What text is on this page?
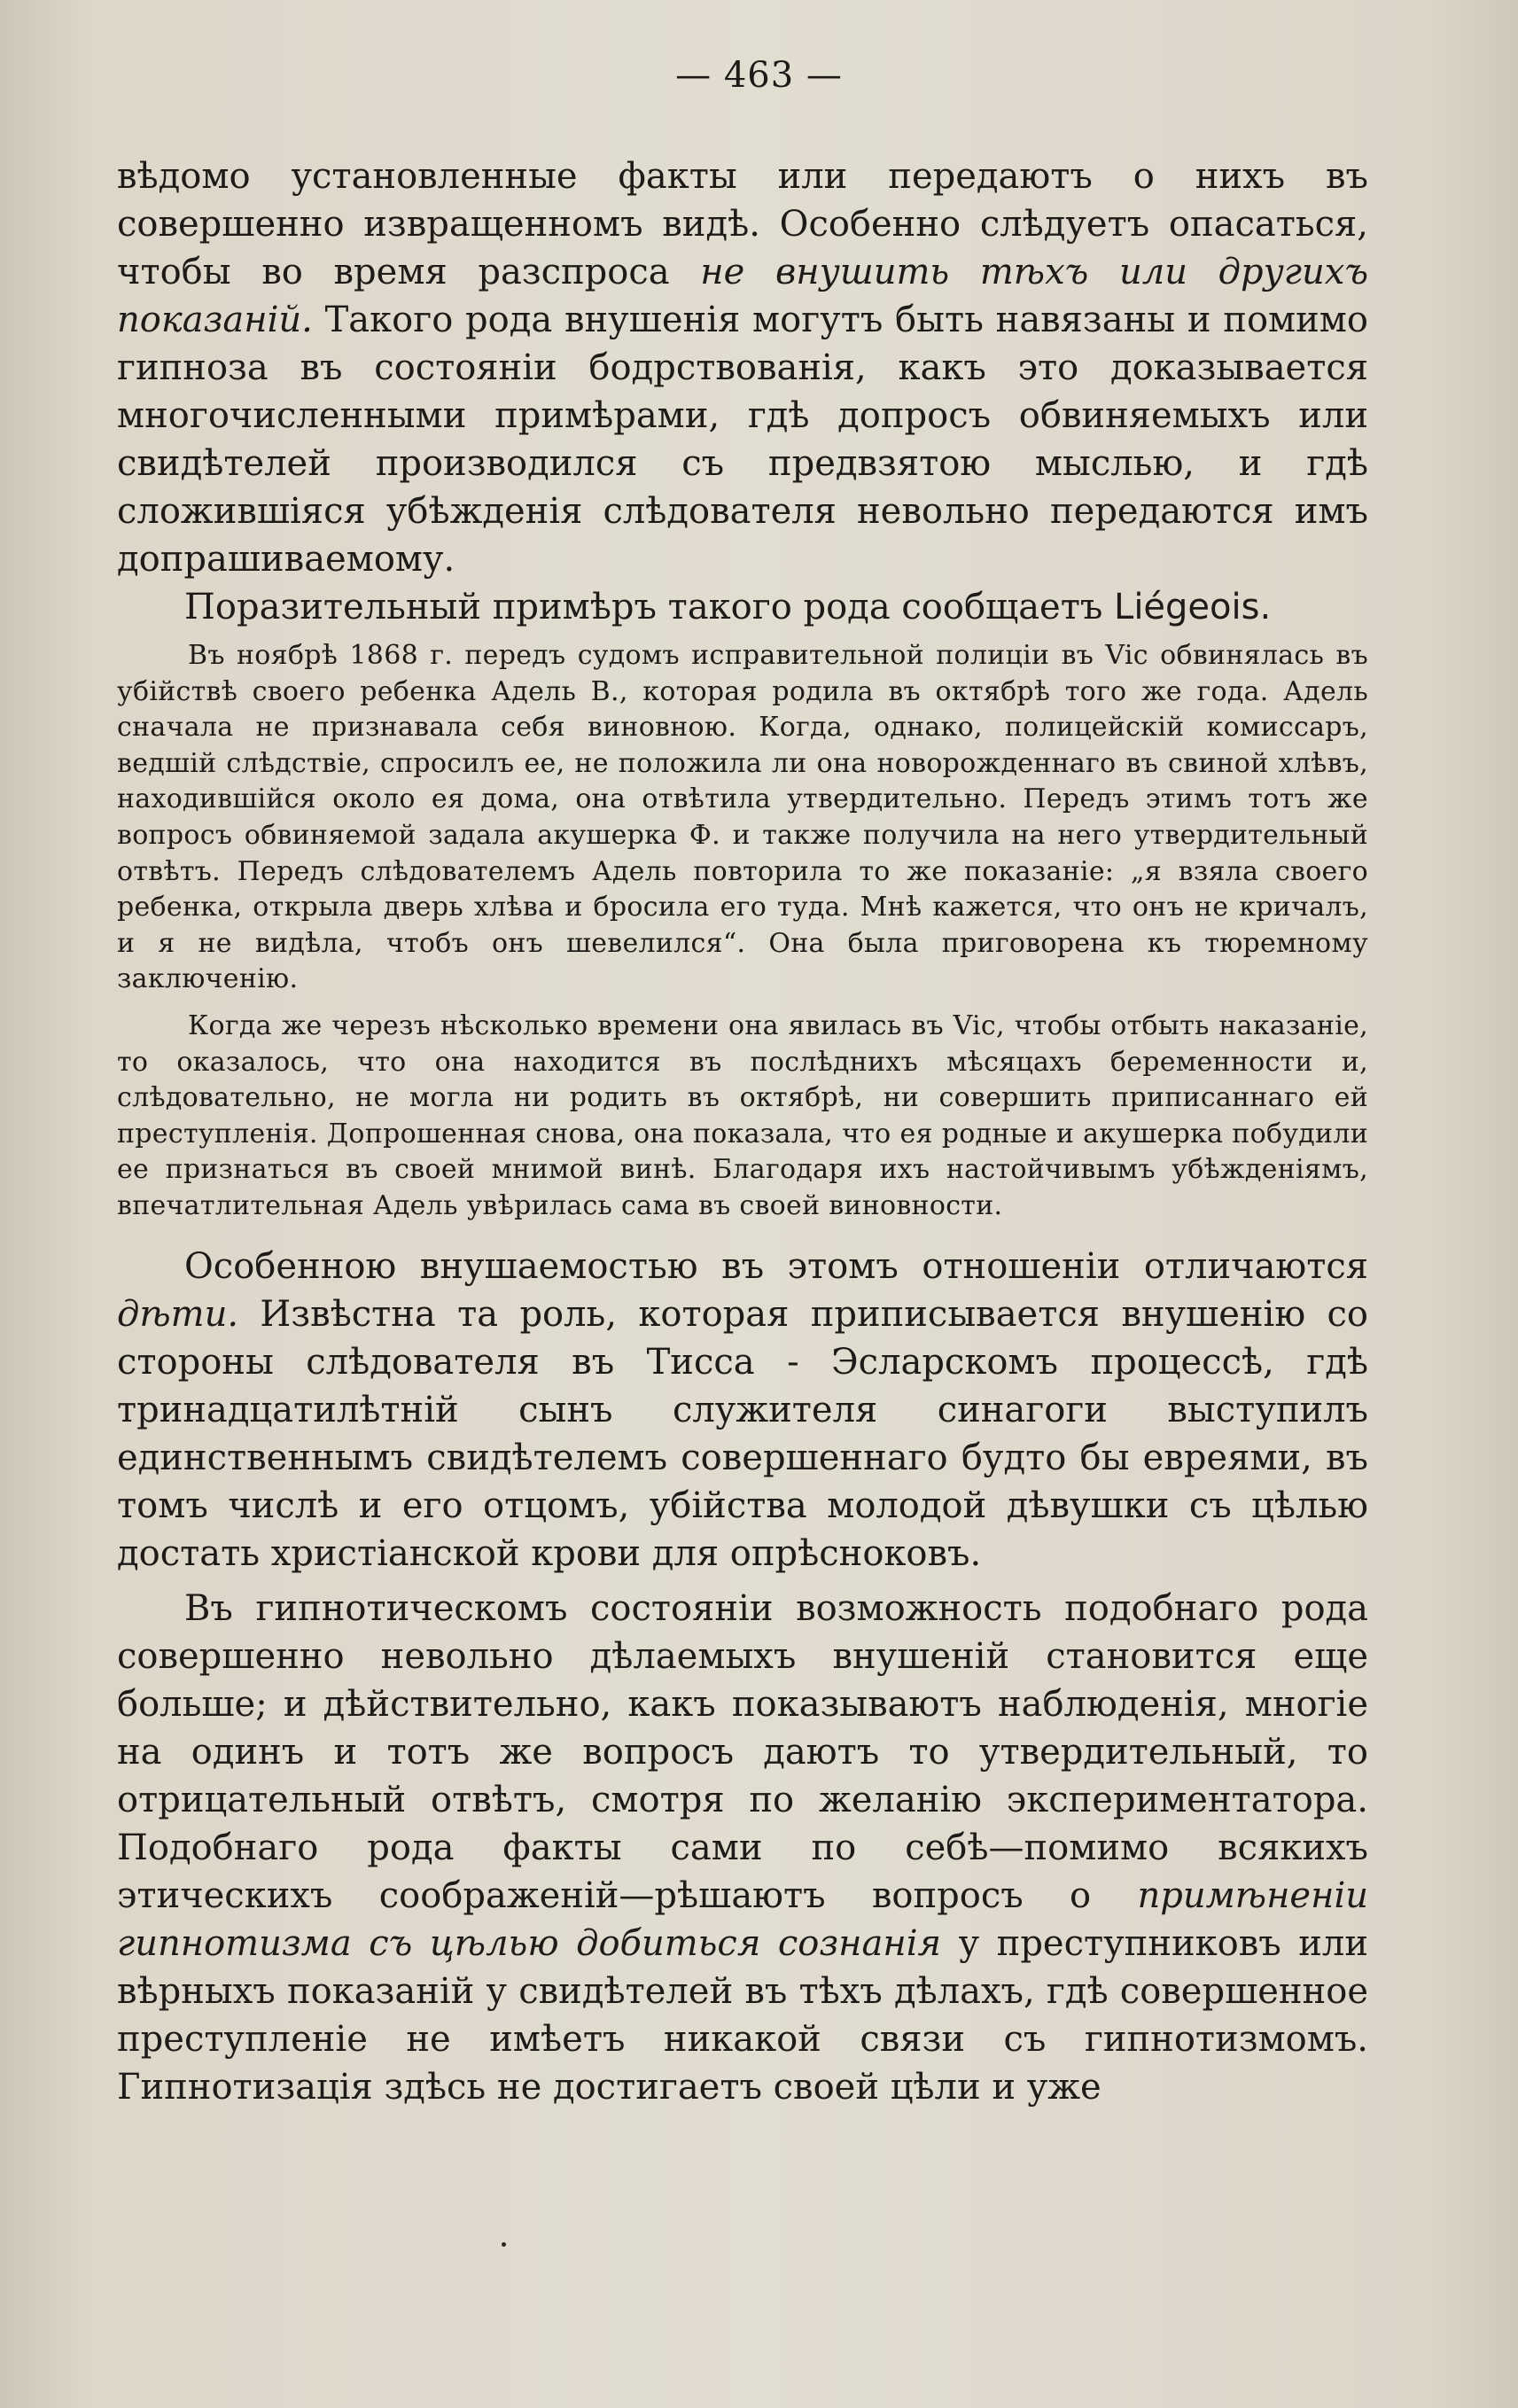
— 463 —

вѣдомо установленные факты или передаютъ о нихъ въ совершенно извращенномъ видѣ. Особенно слѣдуетъ опасаться, чтобы во время разспроса не внушить тѣхъ или другихъ показаній. Такого рода внушенія могутъ быть навязаны и помимо гипноза въ состояніи бодрствованія, какъ это доказывается многочисленными примѣрами, гдѣ допросъ обвиняемыхъ или свидѣтелей производился съ предвзятою мыслью, и гдѣ сложившіяся убѣжденія слѣдователя невольно передаются имъ допрашиваемому.

Поразительный примѣръ такого рода сообщаетъ Liégeois.

Въ ноябрѣ 1868 г. передъ судомъ исправительной полиціи въ Vic обвинялась въ убійствѣ своего ребенка Адель В., которая родила въ октябрѣ того же года. Адель сначала не признавала себя виновною. Когда, однако, полицейскій комиссаръ, ведшій слѣдствіе, спросилъ ее, не положила ли она новорожденнаго въ свиной хлѣвъ, находившійся около ея дома, она отвѣтила утвердительно. Передъ этимъ тотъ же вопросъ обвиняемой задала акушерка Ф. и также получила на него утвердительный отвѣтъ. Передъ слѣдователемъ Адель повторила то же показаніе: „я взяла своего ребенка, открыла дверь хлѣва и бросила его туда. Мнѣ кажется, что онъ не кричалъ, и я не видѣла, чтобъ онъ шевелился“. Она была приговорена къ тюремному заключенію.

Когда же черезъ нѣсколько времени она явилась въ Vic, чтобы отбыть наказаніе, то оказалось, что она находится въ послѣднихъ мѣсяцахъ беременности и, слѣдовательно, не могла ни родить въ октябрѣ, ни совершить приписаннаго ей преступленія. Допрошенная снова, она показала, что ея родные и акушерка побудили ее признаться въ своей мнимой винѣ. Благодаря ихъ настойчивымъ убѣжденіямъ, впечатлительная Адель увѣрилась сама въ своей виновности.

Особенною внушаемостью въ этомъ отношеніи отличаются дѣти. Извѣстна та роль, которая приписывается внушенію со стороны слѣдователя въ Тисса - Эсларскомъ процессѣ, гдѣ тринадцатилѣтній сынъ служителя синагоги выступилъ единственнымъ свидѣтелемъ совершеннаго будто бы евреями, въ томъ числѣ и его отцомъ, убійства молодой дѣвушки съ цѣлью достать христіанской крови для опрѣсноковъ.

Въ гипнотическомъ состояніи возможность подобнаго рода совершенно невольно дѣлаемыхъ внушеній становится еще больше; и дѣйствительно, какъ показываютъ наблюденія, многіе на одинъ и тотъ же вопросъ даютъ то утвердительный, то отрицательный отвѣтъ, смотря по желанію экспериментатора. Подобнаго рода факты сами по себѣ—помимо всякихъ этическихъ соображеній—рѣшаютъ вопросъ о примѣненіи гипнотизма съ цѣлью добиться сознанія у преступниковъ или вѣрныхъ показаній у свидѣтелей въ тѣхъ дѣлахъ, гдѣ совершенное преступленіе не имѣетъ никакой связи съ гипнотизмомъ. Гипнотизація здѣсь не достигаетъ своей цѣли и уже
